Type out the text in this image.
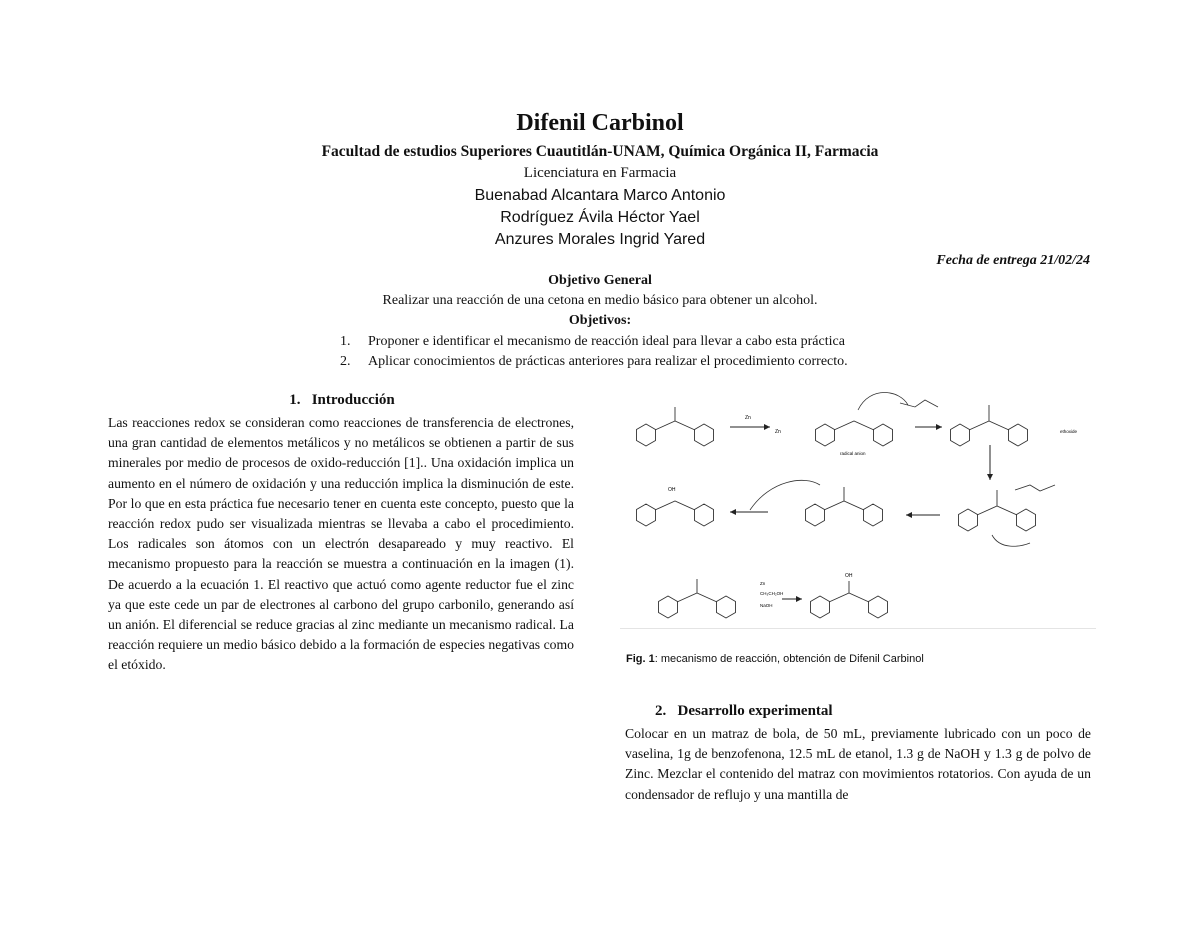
Difenil Carbinol
Facultad de estudios Superiores Cuautitlán-UNAM, Química Orgánica II, Farmacia
Licenciatura en Farmacia
Buenabad Alcantara Marco Antonio
Rodríguez Ávila Héctor Yael
Anzures Morales Ingrid Yared
Fecha de entrega 21/02/24
Objetivo General
Realizar una reacción de una cetona en medio básico para obtener un alcohol.
Objetivos:
1. Proponer e identificar el mecanismo de reacción ideal para llevar a cabo esta práctica
2. Aplicar conocimientos de prácticas anteriores para realizar el procedimiento correcto.
1.   Introducción

Las reacciones redox se consideran como reacciones de transferencia de electrones, una gran cantidad de elementos metálicos y no metálicos se obtienen a partir de sus minerales por medio de procesos de oxido-reducción [1].. Una oxidación implica un aumento en el número de oxidación y una reducción implica la disminución de este. Por lo que en esta práctica fue necesario tener en cuenta este concepto, puesto que la reacción redox pudo ser visualizada mientras se llevaba a cabo el procedimiento. Los radicales son átomos con un electrón desapareado y muy reactivo. El mecanismo propuesto para la reacción se muestra a continuación en la imagen (1). De acuerdo a la ecuación 1. El reactivo que actuó como agente reductor fue el zinc ya que este cede un par de electrones al carbono del grupo carbonilo, generando así un anión. El diferencial se reduce gracias al zinc mediante un mecanismo radical. La reacción requiere un medio básico debido a la formación de especies negativas como el etóxido.

Zn
Zn
radical anion
ethoxide
OH
Zn
CH₃CH₂OH
NaOH
OH
Fig. 1: mecanismo de reacción, obtención de Difenil Carbinol
2.   Desarrollo experimental

Colocar en un matraz de bola, de 50 mL, previamente lubricado con un poco de vaselina, 1g de benzofenona, 12.5 mL de etanol, 1.3 g de NaOH y 1.3 g de polvo de Zinc. Mezclar el contenido del matraz con movimientos rotatorios. Con ayuda de un condensador de reflujo y una mantilla de
